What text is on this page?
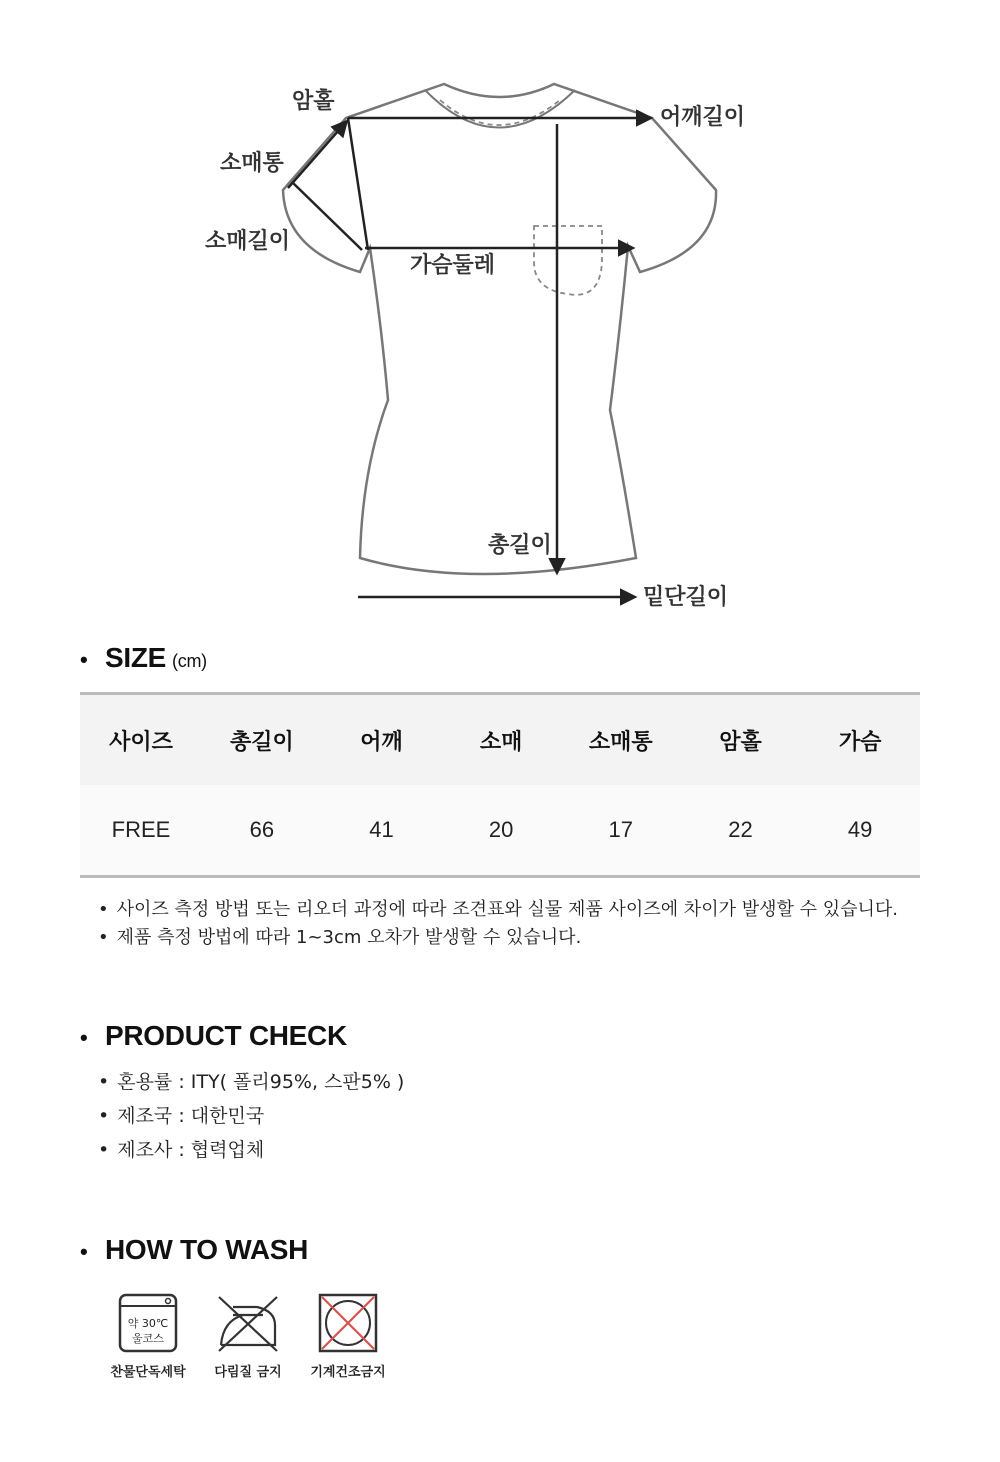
암홀
어깨길이
소매통
소매길이
가슴둘레
총길이
밑단길이
• SIZE (cm)
사이즈	총길이	어깨	소매	소매통	암홀	가슴
FREE	66	41	20	17	22	49
• 사이즈 측정 방법 또는 리오더 과정에 따라 조견표와 실물 제품 사이즈에 차이가 발생할 수 있습니다.
• 제품 측정 방법에 따라 1~3cm 오차가 발생할 수 있습니다.
• PRODUCT CHECK
• 혼용률 : ITY( 폴리95%, 스판5% )
• 제조국 : 대한민국
• 제조사 : 협력업체
• HOW TO WASH
약 30℃
울코스
찬물단독세탁	다림질 금지	기계건조금지
